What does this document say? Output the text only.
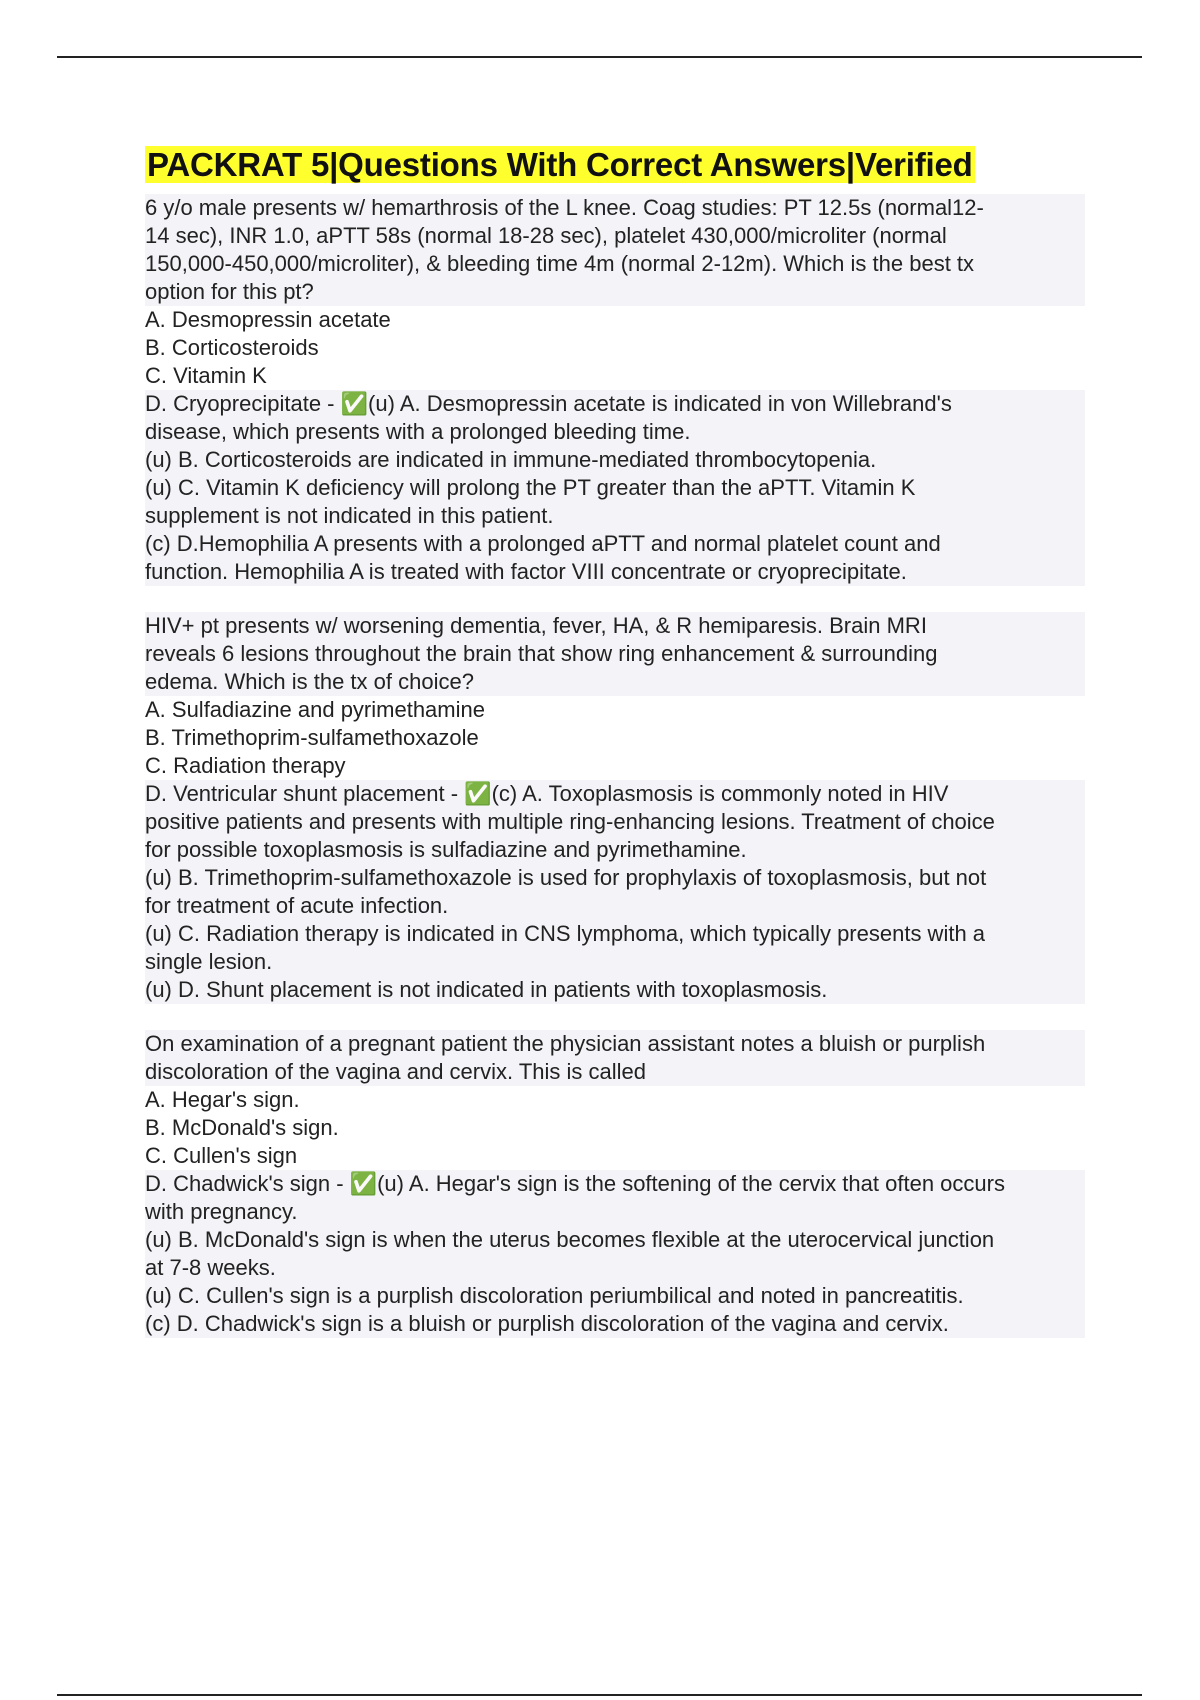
PACKRAT 5|Questions With Correct Answers|Verified

6 y/o male presents w/ hemarthrosis of the L knee. Coag studies: PT 12.5s (normal12-

14 sec), INR 1.0, aPTT 58s (normal 18-28 sec), platelet 430,000/microliter (normal

150,000-450,000/microliter), & bleeding time 4m (normal 2-12m). Which is the best tx

option for this pt?

A. Desmopressin acetate

B. Corticosteroids

C. Vitamin K

D. Cryoprecipitate - ✅(u) A. Desmopressin acetate is indicated in von Willebrand's

disease, which presents with a prolonged bleeding time.

(u) B. Corticosteroids are indicated in immune-mediated thrombocytopenia.

(u) C. Vitamin K deficiency will prolong the PT greater than the aPTT. Vitamin K

supplement is not indicated in this patient.

(c) D.Hemophilia A presents with a prolonged aPTT and normal platelet count and

function. Hemophilia A is treated with factor VIII concentrate or cryoprecipitate.

HIV+ pt presents w/ worsening dementia, fever, HA, & R hemiparesis. Brain MRI

reveals 6 lesions throughout the brain that show ring enhancement & surrounding

edema. Which is the tx of choice?

A. Sulfadiazine and pyrimethamine

B. Trimethoprim-sulfamethoxazole

C. Radiation therapy

D. Ventricular shunt placement - ✅(c) A. Toxoplasmosis is commonly noted in HIV

positive patients and presents with multiple ring-enhancing lesions. Treatment of choice

for possible toxoplasmosis is sulfadiazine and pyrimethamine.

(u) B. Trimethoprim-sulfamethoxazole is used for prophylaxis of toxoplasmosis, but not

for treatment of acute infection.

(u) C. Radiation therapy is indicated in CNS lymphoma, which typically presents with a

single lesion.

(u) D. Shunt placement is not indicated in patients with toxoplasmosis.

On examination of a pregnant patient the physician assistant notes a bluish or purplish

discoloration of the vagina and cervix. This is called

A. Hegar's sign.

B. McDonald's sign.

C. Cullen's sign

D. Chadwick's sign - ✅(u) A. Hegar's sign is the softening of the cervix that often occurs

with pregnancy.

(u) B. McDonald's sign is when the uterus becomes flexible at the uterocervical junction

at 7-8 weeks.

(u) C. Cullen's sign is a purplish discoloration periumbilical and noted in pancreatitis.

(c) D. Chadwick's sign is a bluish or purplish discoloration of the vagina and cervix.
